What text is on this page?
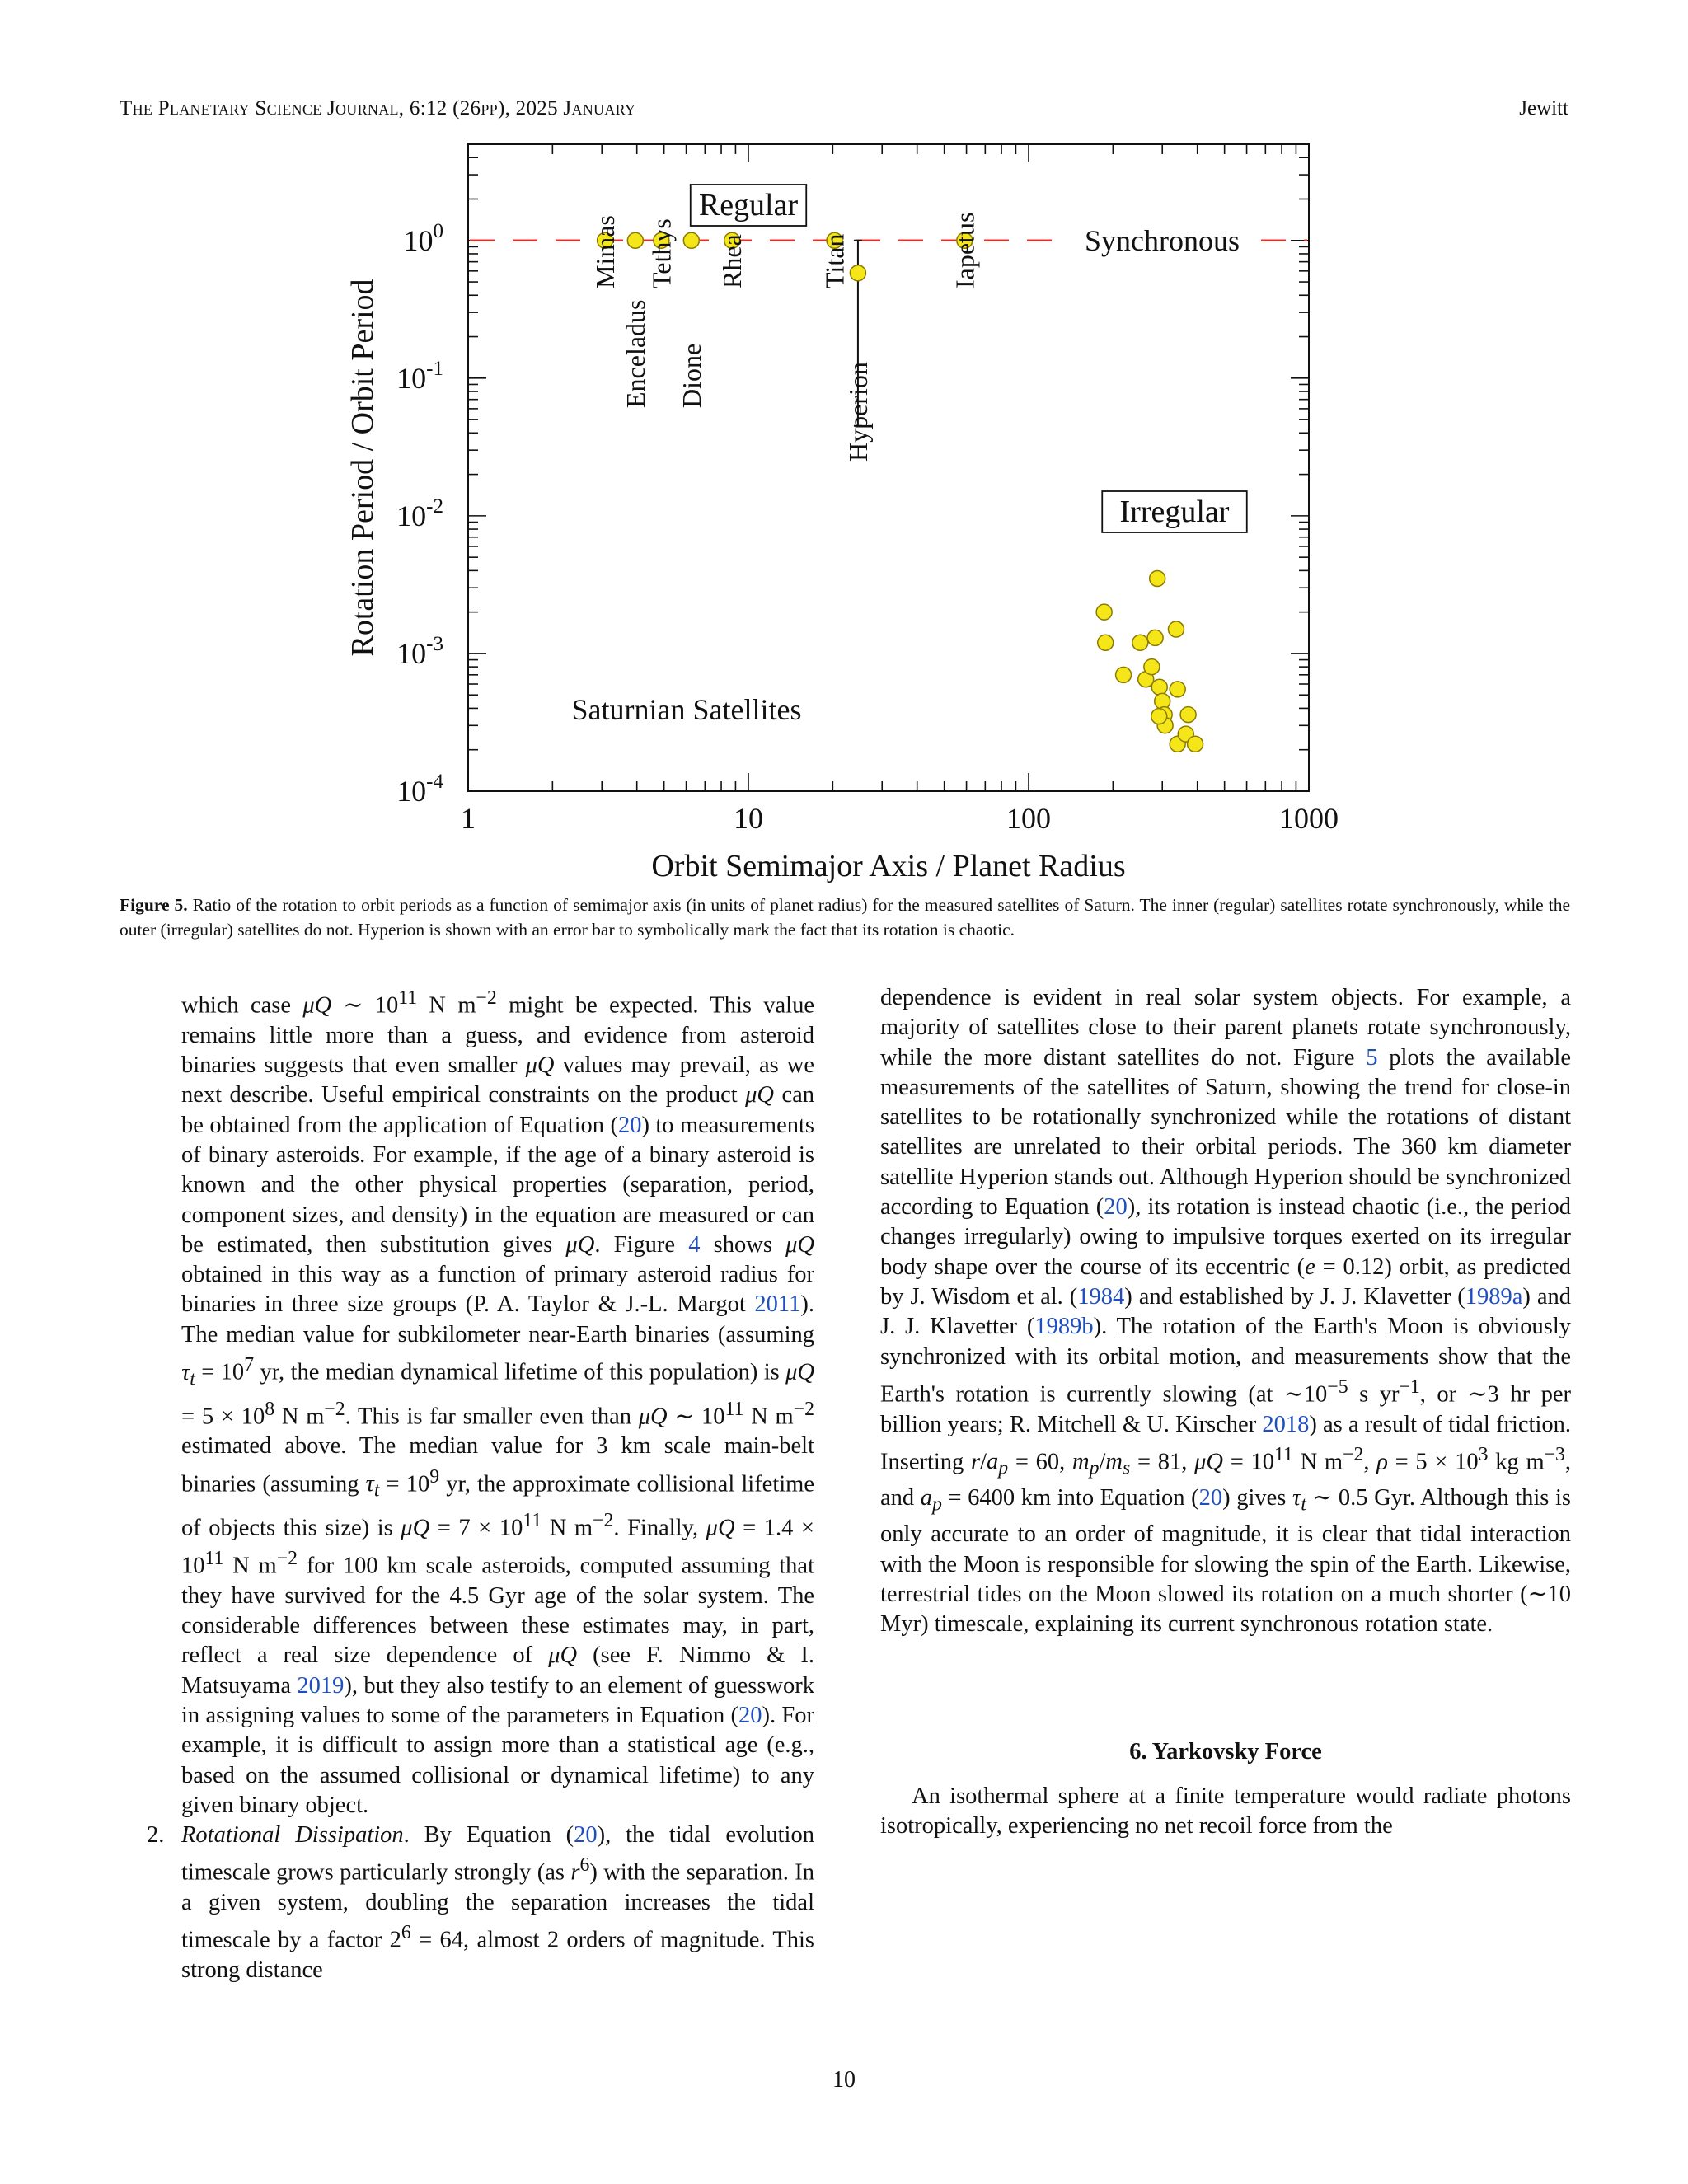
The Planetary Science Journal, 6:12 (26pp), 2025 January	Jewitt
1	10	100	1000
$10^0$
$10^{-1}$
$10^{-2}$
$10^{-3}$
$10^{-4}$
Orbit Semimajor Axis / Planet Radius
Rotation Period / Orbit Period
Synchronous
Regular
Irregular
Saturnian Satellites
Mimas
Enceladus
Tethys
Dione
Rhea	Titan
Hyperion
Iapetus
Figure 5. Ratio of the rotation to orbit periods as a function of semimajor axis (in units of planet radius) for the measured satellites of Saturn. The inner (regular) satellites rotate synchronously, while the outer (irregular) satellites do not. Hyperion is shown with an error bar to symbolically mark the fact that its rotation is chaotic.

which case μQ ∼ $10^{11}$ N $m^{-2}$ might be expected. This value remains little more than a guess, and evidence from asteroid binaries suggests that even smaller μQ values may prevail, as we next describe. Useful empirical constraints on the product μQ can be obtained from the application of Equation (20) to measurements of binary asteroids. For example, if the age of a binary asteroid is known and the other physical properties (separation, period, component sizes, and density) in the equation are measured or can be estimated, then substitution gives μQ. Figure 4 shows μQ obtained in this way as a function of primary asteroid radius for binaries in three size groups (P. A. Taylor & J.-L. Margot 2011). The median value for subkilometer near-Earth binaries (assuming $\tau_t = 10^7$ yr, the median dynamical lifetime of this population) is $\mu Q = 5 \times 10^8$ N $m^{-2}$. This is far smaller even than μQ ∼ $10^{11}$ N $m^{-2}$ estimated above. The median value for 3 km scale main-belt binaries (assuming $\tau_t = 10^9$ yr, the approximate collisional lifetime of objects this size) is $\mu Q = 7 \times 10^{11}$ N $m^{-2}$. Finally, $\mu Q = 1.4 \times 10^{11}$ N $m^{-2}$ for 100 km scale asteroids, computed assuming that they have survived for the 4.5 Gyr age of the solar system. The considerable differences between these estimates may, in part, reflect a real size dependence of μQ (see F. Nimmo & I. Matsuyama 2019), but they also testify to an element of guesswork in assigning values to some of the parameters in Equation (20). For example, it is difficult to assign more than a statistical age (e.g., based on the assumed collisional or dynamical lifetime) to any given binary object.

2. Rotational Dissipation. By Equation (20), the tidal evolution timescale grows particularly strongly (as $r^6$) with the separation. In a given system, doubling the separation increases the tidal timescale by a factor $2^6 = 64$, almost 2 orders of magnitude. This strong distance

dependence is evident in real solar system objects. For example, a majority of satellites close to their parent planets rotate synchronously, while the more distant satellites do not. Figure 5 plots the available measurements of the satellites of Saturn, showing the trend for close-in satellites to be rotationally synchronized while the rotations of distant satellites are unrelated to their orbital periods. The 360 km diameter satellite Hyperion stands out. Although Hyperion should be synchronized according to Equation (20), its rotation is instead chaotic (i.e., the period changes irregularly) owing to impulsive torques exerted on its irregular body shape over the course of its eccentric (e = 0.12) orbit, as predicted by J. Wisdom et al. (1984) and established by J. J. Klavetter (1989a) and J. J. Klavetter (1989b). The rotation of the Earth's Moon is obviously synchronized with its orbital motion, and measurements show that the Earth's rotation is currently slowing (at $\sim 10^{-5}$ s $yr^{-1}$, or ∼3 hr per billion years; R. Mitchell & U. Kirscher 2018) as a result of tidal friction. Inserting $r/a_p = 60$, $m_p/m_s = 81$, $\mu Q = 10^{11}$ N $m^{-2}$, $\rho = 5 \times 10^3$ kg $m^{-3}$, and $a_p = 6400$ km into Equation (20) gives $\tau_t$ ∼ 0.5 Gyr. Although this is only accurate to an order of magnitude, it is clear that tidal interaction with the Moon is responsible for slowing the spin of the Earth. Likewise, terrestrial tides on the Moon slowed its rotation on a much shorter (∼10 Myr) timescale, explaining its current synchronous rotation state.

6. Yarkovsky Force

An isothermal sphere at a finite temperature would radiate photons isotropically, experiencing no net recoil force from the

10
